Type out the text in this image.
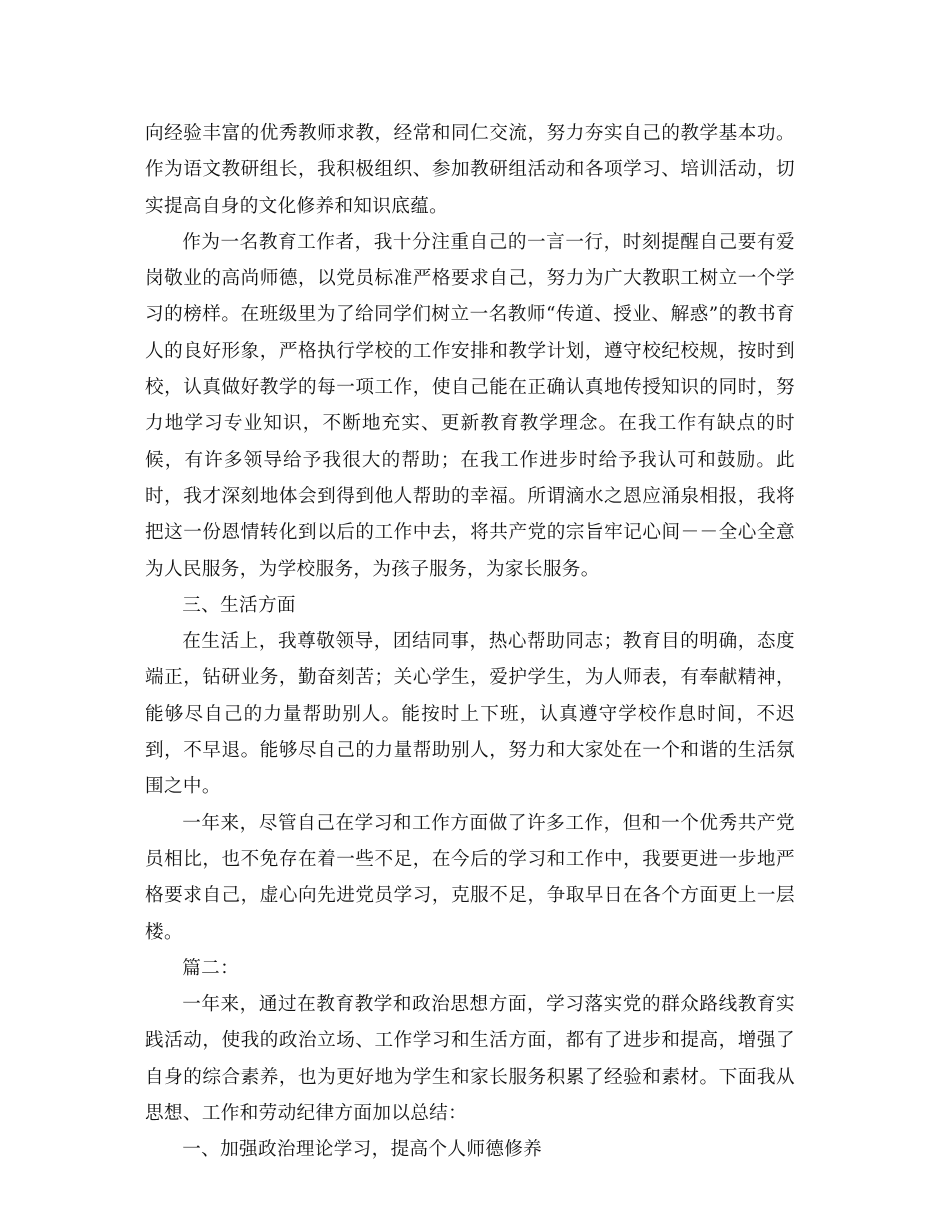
向经验丰富的优秀教师求教，经常和同仁交流，努力夯实自己的教学基本功。作为语文教研组长，我积极组织、参加教研组活动和各项学习、培训活动，切实提高自身的文化修养和知识底蕴。

作为一名教育工作者，我十分注重自己的一言一行，时刻提醒自己要有爱岗敬业的高尚师德，以党员标准严格要求自己，努力为广大教职工树立一个学习的榜样。在班级里为了给同学们树立一名教师“传道、授业、解惑”的教书育人的良好形象，严格执行学校的工作安排和教学计划，遵守校纪校规，按时到校，认真做好教学的每一项工作，使自己能在正确认真地传授知识的同时，努力地学习专业知识，不断地充实、更新教育教学理念。在我工作有缺点的时候，有许多领导给予我很大的帮助；在我工作进步时给予我认可和鼓励。此时，我才深刻地体会到得到他人帮助的幸福。所谓滴水之恩应涌泉相报，我将把这一份恩情转化到以后的工作中去，将共产党的宗旨牢记心间－－全心全意为人民服务，为学校服务，为孩子服务，为家长服务。

三、生活方面

在生活上，我尊敬领导，团结同事，热心帮助同志；教育目的明确，态度端正，钻研业务，勤奋刻苦；关心学生，爱护学生，为人师表，有奉献精神，能够尽自己的力量帮助别人。能按时上下班，认真遵守学校作息时间，不迟到，不早退。能够尽自己的力量帮助别人，努力和大家处在一个和谐的生活氛围之中。

一年来，尽管自己在学习和工作方面做了许多工作，但和一个优秀共产党员相比，也不免存在着一些不足，在今后的学习和工作中，我要更进一步地严格要求自己，虚心向先进党员学习，克服不足，争取早日在各个方面更上一层楼。

篇二：

一年来，通过在教育教学和政治思想方面，学习落实党的群众路线教育实践活动，使我的政治立场、工作学习和生活方面，都有了进步和提高，增强了自身的综合素养，也为更好地为学生和家长服务积累了经验和素材。下面我从思想、工作和劳动纪律方面加以总结：

一、加强政治理论学习，提高个人师德修养
